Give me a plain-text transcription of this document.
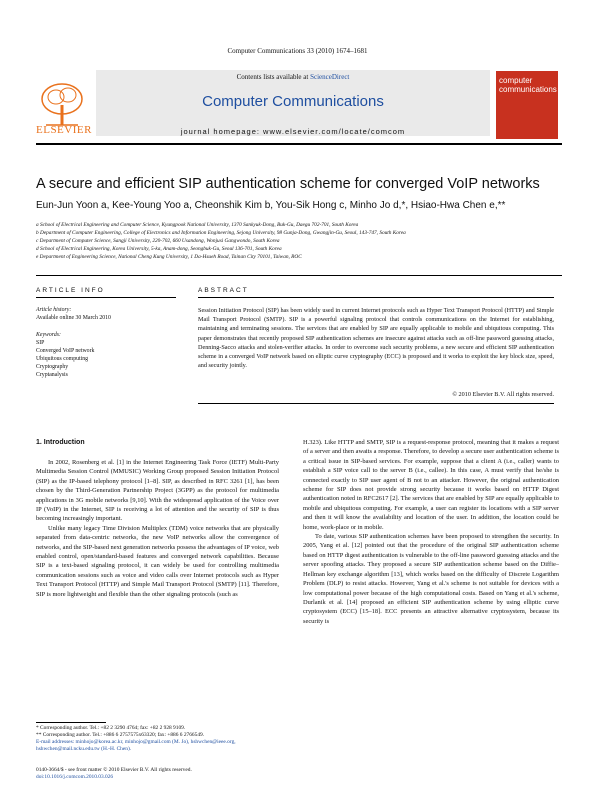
Computer Communications 33 (2010) 1674–1681
ELSEVIER
Contents lists available at ScienceDirect
Computer Communications
journal homepage: www.elsevier.com/locate/comcom
computer communications
A secure and efficient SIP authentication scheme for converged VoIP networks
Eun-Jun Yoon a, Kee-Young Yoo a, Cheonshik Kim b, You-Sik Hong c, Minho Jo d,*, Hsiao-Hwa Chen e,**
a School of Electrical Engineering and Computer Science, Kyungpook National University, 1370 Sankyuk-Dong, Buk-Gu, Daegu 702-701, South Korea
b Department of Computer Engineering, College of Electronics and Information Engineering, Sejong University, 98 Gunja-Dong, Gwangjin-Gu, Seoul, 143-747, South Korea
c Department of Computer Science, Sangji University, 220-702, 660 Usandong, Wonjusi Gangwondo, South Korea
d School of Electrical Engineering, Korea University, 5-ka, Anam-dong, Seongbuk-Gu, Seoul 136-701, South Korea
e Department of Engineering Science, National Cheng Kung University, 1 Da-Hsueh Road, Tainan City 70101, Taiwan, ROC
ARTICLE INFO	ABSTRACT
Article history:
Available online 30 March 2010
Keywords:
SIP
Converged VoIP network
Ubiquitous computing
Cryptography
Cryptanalysis
Session Initiation Protocol (SIP) has been widely used in current Internet protocols such as Hyper Text Transport Protocol (HTTP) and Simple Mail Transport Protocol (SMTP). SIP is a powerful signaling protocol that controls communications on the Internet for establishing, maintaining and terminating sessions. The services that are enabled by SIP are equally applicable to mobile and ubiquitous computing. This paper demonstrates that recently proposed SIP authentication schemes are insecure against attacks such as off-line password guessing attacks, Denning-Sacco attacks and stolen-verifier attacks. In order to overcome such security problems, a new secure and efficient SIP authentication scheme in a converged VoIP network based on elliptic curve cryptography (ECC) is proposed and it works to exploit the key block size, speed, and security jointly.
© 2010 Elsevier B.V. All rights reserved.
1. Introduction

In 2002, Rosenberg et al. [1] in the Internet Engineering Task Force (IETF) Multi-Party Multimedia Session Control (MMUSIC) Working Group proposed Session Initiation Protocol (SIP) as the IP-based telephony protocol [1–8]. SIP, as described in RFC 3261 [1], has been chosen by the Third-Generation Partnership Project (3GPP) as the protocol for multimedia applications in 3G mobile networks [9,10]. With the widespread application of the Voice over IP (VoIP) in the Internet, SIP is receiving a lot of attention and the security of SIP is thus becoming increasingly important.

Unlike many legacy Time Division Multiplex (TDM) voice networks that are physically separated from data-centric networks, the new VoIP networks allow the convergence of networks, and the SIP-based next generation networks possess the advantages of IP voice, web enabled control, open/standard-based features and converged network capabilities. Because SIP is a text-based signaling protocol, it can widely be used for controlling multimedia communication sessions such as voice and video calls over Internet protocols such as Hyper Text Transport Protocol (HTTP) and Simple Mail Transport Protocol (SMTP) [11]. Therefore, SIP is more lightweight and flexible than the other signaling protocols (such as

H.323). Like HTTP and SMTP, SIP is a request-response protocol, meaning that it makes a request of a server and then awaits a response. Therefore, to develop a secure user authentication scheme is a critical issue in SIP-based services. For example, suppose that a client A (i.e., caller) wants to establish a SIP voice call to the server B (i.e., callee). In this case, A must verify that he/she is connected exactly to SIP user agent of B not to an attacker. However, the original authentication scheme for SIP does not provide strong security because it works based on HTTP Digest authentication noted in RFC2617 [2]. The services that are enabled by SIP are equally applicable to mobile and ubiquitous computing. For example, a user can register its locations with a SIP server and then it will know the availability and location of the user. In addition, the location could be home, work-place or in mobile.

To date, various SIP authentication schemes have been proposed to strengthen the security. In 2005, Yang et al. [12] pointed out that the procedure of the original SIP authentication scheme based on HTTP digest authentication is vulnerable to the off-line password guessing attacks and the server spoofing attacks. They proposed a secure SIP authentication scheme based on the Diffie–Hellman key exchange algorithm [13], which works based on the difficulty of Discrete Logarithm Problem (DLP) to resist attacks. However, Yang et al.'s scheme is not suitable for devices with a low computational power because of the high computational costs. Based on Yang et al.'s scheme, Durlanik et al. [14] proposed an efficient SIP authentication scheme by using elliptic curve cryptosystem (ECC) [15–18]. ECC presents an attractive alternative cryptosystem, because its security is

* Corresponding author. Tel.: +82 2 3290 4764; fax: +82 2 928 9109.
** Corresponding author. Tel.: +886 6 2757575x63320; fax: +886 6 2766549.
E-mail addresses: minhojo@korea.ac.kr, minhojo@gmail.com (M. Jo), hshwchen@ieee.org, hshwchen@mail.ncku.edu.tw (H.-H. Chen).
0140-3664/$ - see front matter © 2010 Elsevier B.V. All rights reserved.
doi:10.1016/j.comcom.2010.03.026
